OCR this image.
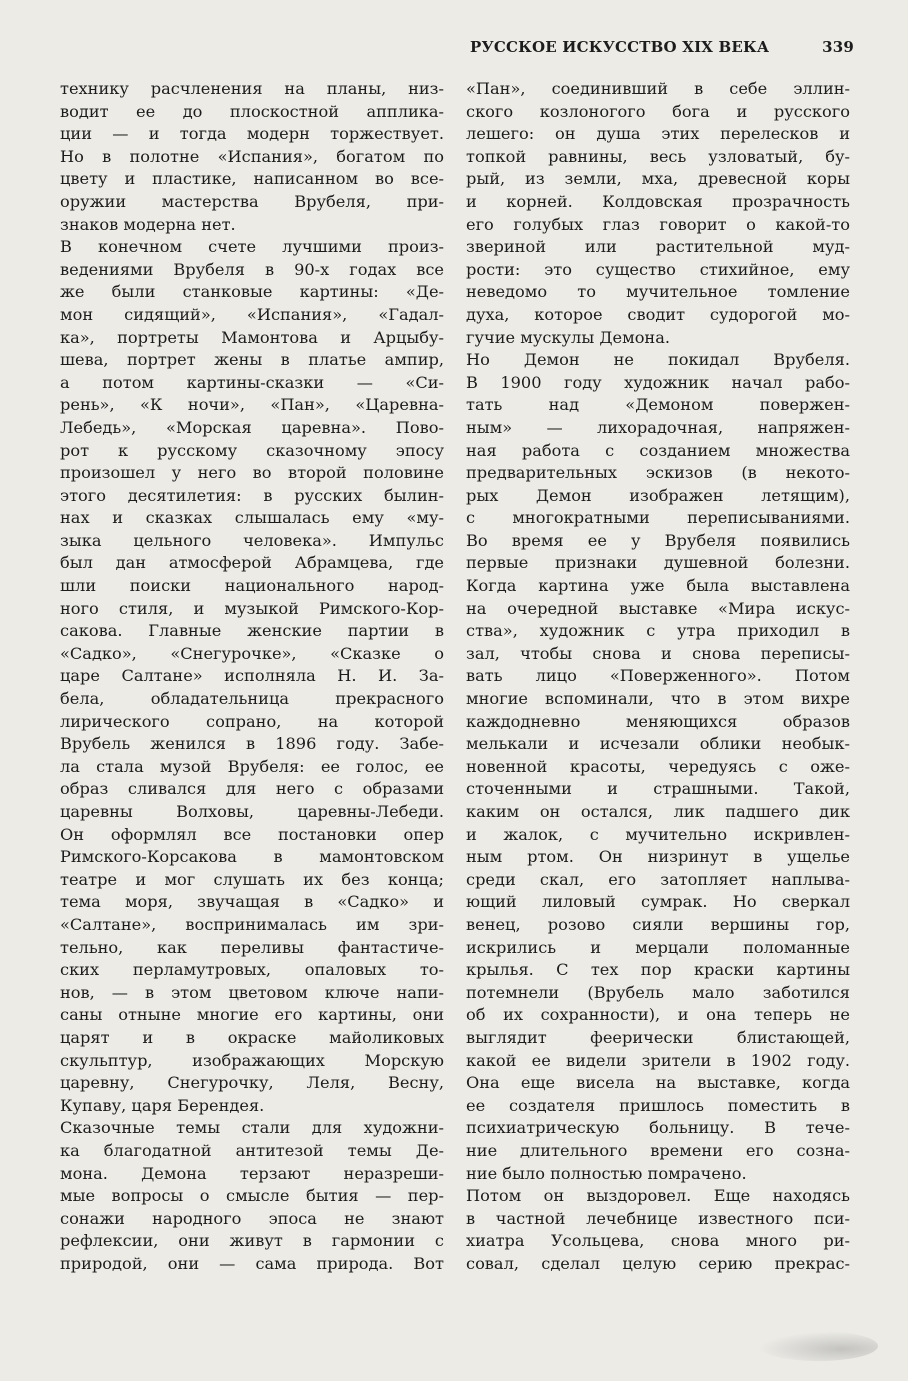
РУССКОЕ ИСКУССТВО XIX ВЕКА	339
технику расчленения на планы, низ-
водит ее до плоскостной апплика-
ции — и тогда модерн торжествует.
Но в полотне «Испания», богатом по
цвету и пластике, написанном во все-
оружии мастерства Врубеля, при-
знаков модерна нет.
В конечном счете лучшими произ-
ведениями Врубеля в 90-х годах все
же были станковые картины: «Де-
мон сидящий», «Испания», «Гадал-
ка», портреты Мамонтова и Арцыбу-
шева, портрет жены в платье ампир,
а потом картины-сказки — «Си-
рень», «К ночи», «Пан», «Царевна-
Лебедь», «Морская царевна». Пово-
рот к русскому сказочному эпосу
произошел у него во второй половине
этого десятилетия: в русских былин-
нах и сказках слышалась ему «му-
зыка цельного человека». Импульс
был дан атмосферой Абрамцева, где
шли поиски национального народ-
ного стиля, и музыкой Римского-Кор-
сакова. Главные женские партии в
«Садко», «Снегурочке», «Сказке о
царе Салтане» исполняла Н. И. За-
бела, обладательница прекрасного
лирического сопрано, на которой
Врубель женился в 1896 году. Забе-
ла стала музой Врубеля: ее голос, ее
образ сливался для него с образами
царевны Волховы, царевны-Лебеди.
Он оформлял все постановки опер
Римского-Корсакова в мамонтовском
театре и мог слушать их без конца;
тема моря, звучащая в «Садко» и
«Салтане», воспринималась им зри-
тельно, как переливы фантастиче-
ских перламутровых, опаловых то-
нов, — в этом цветовом ключе напи-
саны отныне многие его картины, они
царят и в окраске майоликовых
скульптур, изображающих Морскую
царевну, Снегурочку, Леля, Весну,
Купаву, царя Берендея.
Сказочные темы стали для художни-
ка благодатной антитезой темы Де-
мона. Демона терзают неразреши-
мые вопросы о смысле бытия — пер-
сонажи народного эпоса не знают
рефлексии, они живут в гармонии с
природой, они — сама природа. Вот
«Пан», соединивший в себе эллин-
ского козлоногого бога и русского
лешего: он душа этих перелесков и
топкой равнины, весь узловатый, бу-
рый, из земли, мха, древесной коры
и корней. Колдовская прозрачность
его голубых глаз говорит о какой-то
звериной или растительной муд-
рости: это существо стихийное, ему
неведомо то мучительное томление
духа, которое сводит судорогой мо-
гучие мускулы Демона.
Но Демон не покидал Врубеля.
В 1900 году художник начал рабо-
тать над «Демоном повержен-
ным» — лихорадочная, напряжен-
ная работа с созданием множества
предварительных эскизов (в некото-
рых Демон изображен летящим),
с многократными переписываниями.
Во время ее у Врубеля появились
первые признаки душевной болезни.
Когда картина уже была выставлена
на очередной выставке «Мира искус-
ства», художник с утра приходил в
зал, чтобы снова и снова переписы-
вать лицо «Поверженного». Потом
многие вспоминали, что в этом вихре
каждодневно меняющихся образов
мелькали и исчезали облики необык-
новенной красоты, чередуясь с оже-
сточенными и страшными. Такой,
каким он остался, лик падшего дик
и жалок, с мучительно искривлен-
ным ртом. Он низринут в ущелье
среди скал, его затопляет наплыва-
ющий лиловый сумрак. Но сверкал
венец, розово сияли вершины гор,
искрились и мерцали поломанные
крылья. С тех пор краски картины
потемнели (Врубель мало заботился
об их сохранности), и она теперь не
выглядит феерически блистающей,
какой ее видели зрители в 1902 году.
Она еще висела на выставке, когда
ее создателя пришлось поместить в
психиатрическую больницу. В тече-
ние длительного времени его созна-
ние было полностью помрачено.
Потом он выздоровел. Еще находясь
в частной лечебнице известного пси-
хиатра Усольцева, снова много ри-
совал, сделал целую серию прекрас-
